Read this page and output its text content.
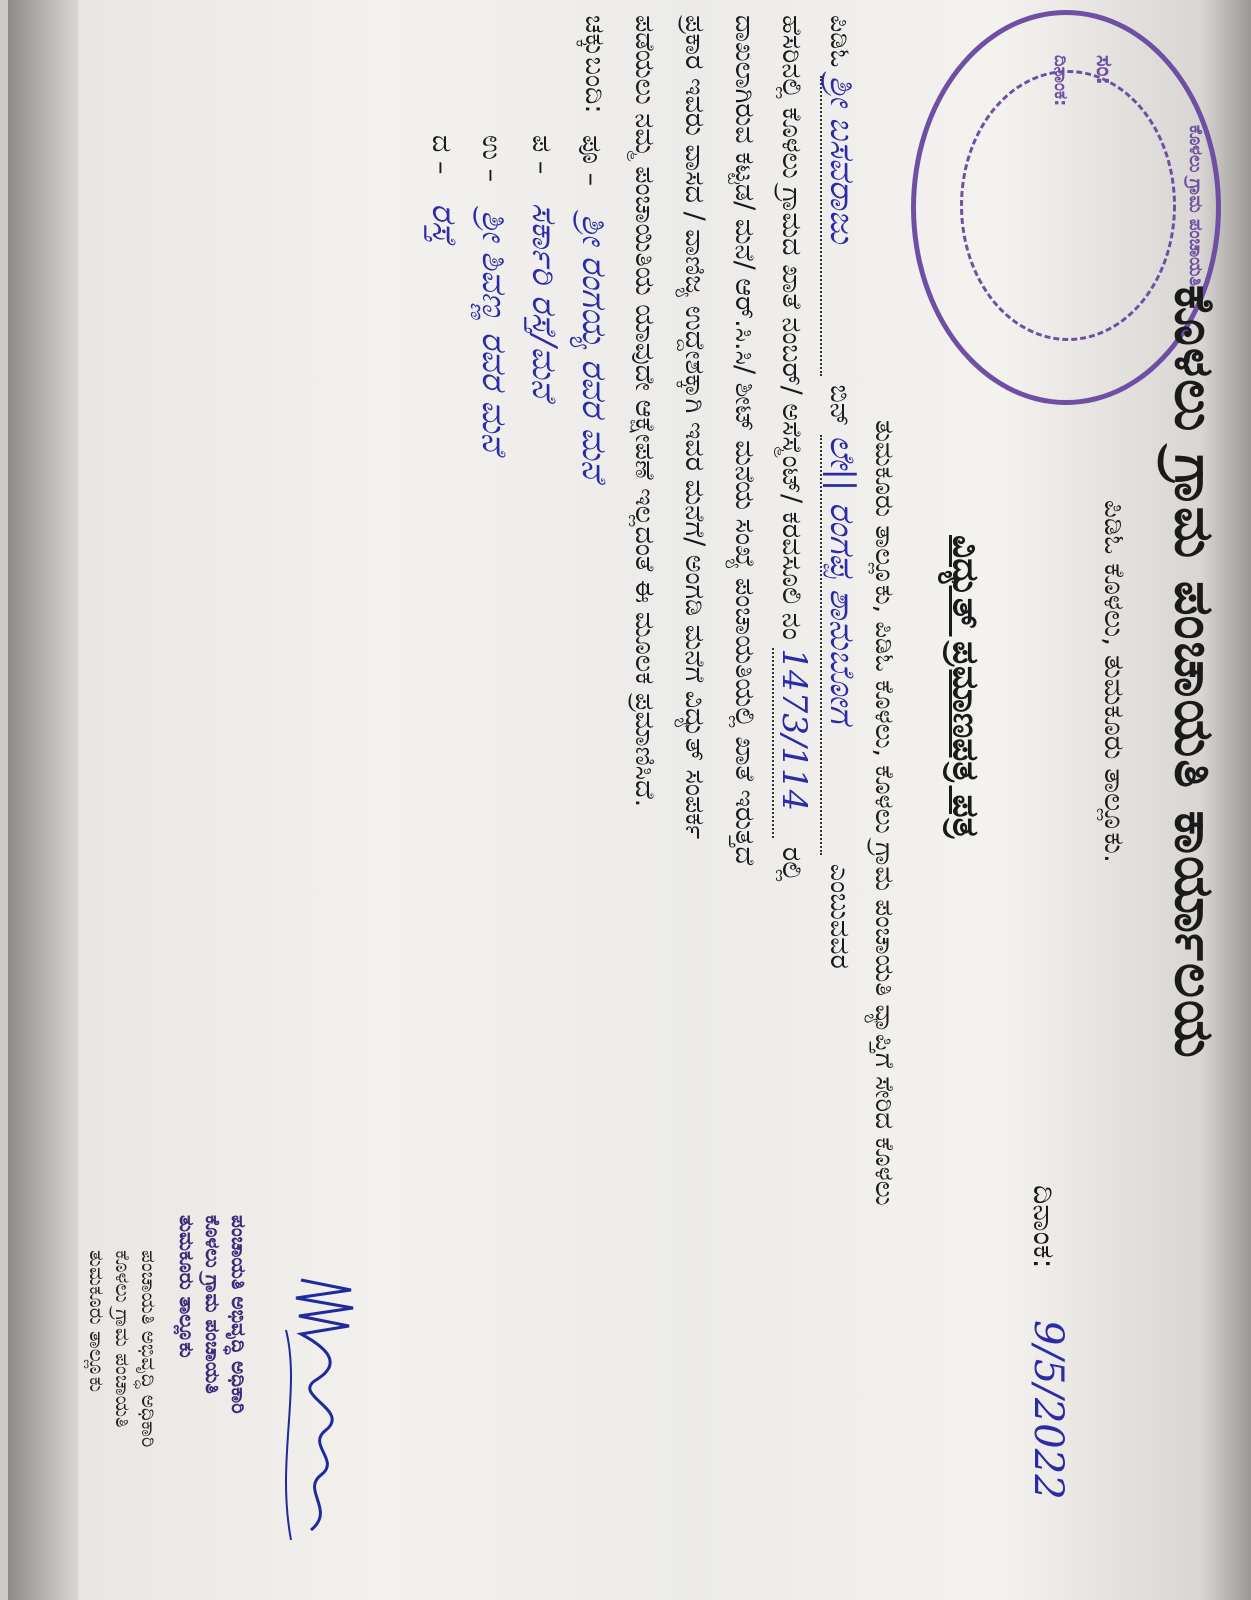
ಕೊಳಲು ಗ್ರಾಮ ಪಂಚಾಯತಿ
ಸಂ:
ದಿನಾಂಕ:
ಕೊಳಲು ಗ್ರಾಮ ಪಂಚಾಯತಿ ಕಾರ್ಯಾಲಯ
ಪಿಡಿಓ ಕೊಳಲು, ತುಮಕೂರು ತಾಲ್ಲೂಕು.
ದಿನಾಂಕ:
9/5/2022
ವಿದ್ಯುತ್ ಪ್ರಮಾಣಪತ್ರ ಪತ್ರ
ತುಮಕೂರು ತಾಲ್ಲೂಕು, ಪಿಡಿಓ ಕೊಳಲು, ಕೊಳಲು ಗ್ರಾಮ ಪಂಚಾಯತಿ ವ್ಯಾಪ್ತಿಗೆ ಸೇರಿದ ಕೊಳಲು
ಪಿಡಿಓ ಶ್ರೀ ಬಸವರಾಜು ಬಿನ್ ಲೇ|| ರಂಗಪ್ಪ ಶಾನುಬೋಗ ಎಂಬುವವರ
ಹೆಸರಿನಲ್ಲಿ ಕೊಳಲು ಗ್ರಾಮದ ಖಾತೆ ನಂಬರ್/ ಅಸೆಸ್ಮೆಂಟ್/ ಕರವಸೂಲಿ ನಂ 1473/114 ರಲ್ಲಿ
ದಾಖಲಾಗಿರುವ ಕಟ್ಟಡ/ ಮನೆ/ ಆರ್.ಸಿ.ಸಿ/ ಶೀಟ್ ಮನೆಯ ಸಂಖ್ಯೆ ಪಂಚಾಯತಿಯಲ್ಲಿ ಖಾತೆ ಇರುತ್ತದೆ
ಪ್ರಕಾರ ಇವರು ವಾಸದ / ವಾಣಿಜ್ಯ ಉದ್ದೇಶಕ್ಕಾಗಿ ಇವರ ಮನೆಗೆ/ ಅಂಗಡಿ ಮನೆಗೆ ವಿದ್ಯುತ್ ಸಂಪರ್ಕ
ಪಡೆಯಲು ನಮ್ಮ ಪಂಚಾಯಿತಿಯ ಯಾವುದೇ ಆಕ್ಷೇಪಣೆ ಇಲ್ಲದಂತೆ ಈ ಮೂಲಕ ಪ್ರಮಾಣಿಸಿದೆ.
ಚಕ್ಕುಬಂದಿ:
ಪೂ – ಶ್ರೀ ರಂಗಯ್ಯ ರವರ ಮನೆ
ಪ – ಸರ್ಕಾರಿ ರಸ್ತೆ/ಮನೆ
ಉ – ಶ್ರೀ ಶಿವಣ್ಣ ರವರ ಮನೆ
ದ – ರಸ್ತೆ
ಪಂಚಾಯತಿ ಅಭಿವೃದ್ಧಿ ಅಧಿಕಾರಿ
ಕೊಳಲು ಗ್ರಾಮ ಪಂಚಾಯತಿ
ತುಮಕೂರು ತಾಲ್ಲೂಕು
ಪಂಚಾಯತಿ ಅಭಿವೃದ್ಧಿ ಅಧಿಕಾರಿ
ಕೊಳಲು ಗ್ರಾಮ ಪಂಚಾಯತಿ
ತುಮಕೂರು ತಾಲ್ಲೂಕು
